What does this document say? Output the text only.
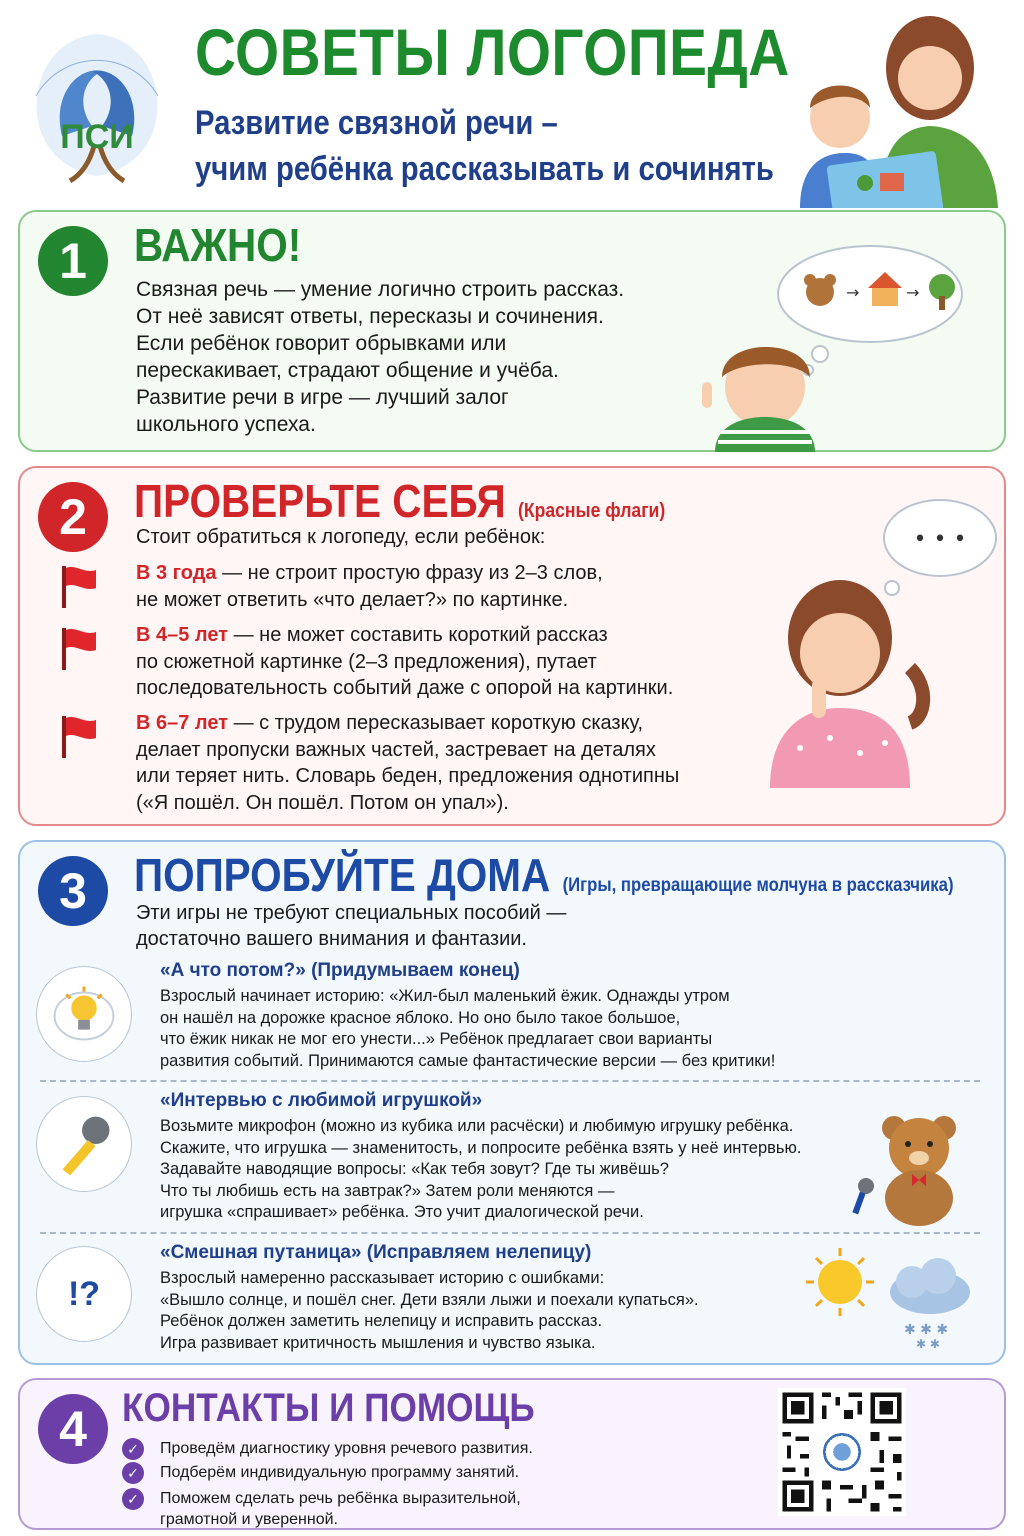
ПСИ
СОВЕТЫ ЛОГОПЕДА
Развитие связной речи –
учим ребёнка рассказывать и сочинять
1	ВАЖНО!
Связная речь — умение логично строить рассказ.
От неё зависят ответы, пересказы и сочинения.
Если ребёнок говорит обрывками или
перескакивает, страдают общение и учёба.
Развитие речи в игре — лучший залог
школьного успеха.
→	→
2	ПРОВЕРЬТЕ СЕБЯ (Красные флаги)
Стоит обратиться к логопеду, если ребёнок:
В 3 года — не строит простую фразу из 2–3 слов,
не может ответить «что делает?» по картинке.
В 4–5 лет — не может составить короткий рассказ
по сюжетной картинке (2–3 предложения), путает
последовательность событий даже с опорой на картинки.
В 6–7 лет — с трудом пересказывает короткую сказку,
делает пропуски важных частей, застревает на деталях
или теряет нить. Словарь беден, предложения однотипны
(«Я пошёл. Он пошёл. Потом он упал»).
• • •
3	ПОПРОБУЙТЕ ДОМА (Игры, превращающие молчуна в рассказчика)
Эти игры не требуют специальных пособий —
достаточно вашего внимания и фантазии.
«А что потом?» (Придумываем конец)
Взрослый начинает историю: «Жил-был маленький ёжик. Однажды утром
он нашёл на дорожке красное яблоко. Но оно было такое большое,
что ёжик никак не мог его унести...» Ребёнок предлагает свои варианты
развития событий. Принимаются самые фантастические версии — без критики!
«Интервью с любимой игрушкой»
Возьмите микрофон (можно из кубика или расчёски) и любимую игрушку ребёнка.
Скажите, что игрушка — знаменитость, и попросите ребёнка взять у неё интервью.
Задавайте наводящие вопросы: «Как тебя зовут? Где ты живёшь?
Что ты любишь есть на завтрак?» Затем роли меняются —
игрушка «спрашивает» ребёнка. Это учит диалогической речи.
!?
«Смешная путаница» (Исправляем нелепицу)
Взрослый намеренно рассказывает историю с ошибками:
«Вышло солнце, и пошёл снег. Дети взяли лыжи и поехали купаться».
Ребёнок должен заметить нелепицу и исправить рассказ.
Игра развивает критичность мышления и чувство языка.
✱ ✱ ✱
✱ ✱
4 КОНТАКТЫ И ПОМОЩЬ
✓	Проведём диагностику уровня речевого развития.
✓	Подберём индивидуальную программу занятий.
✓	Поможем сделать речь ребёнка выразительной,
грамотной и уверенной.
